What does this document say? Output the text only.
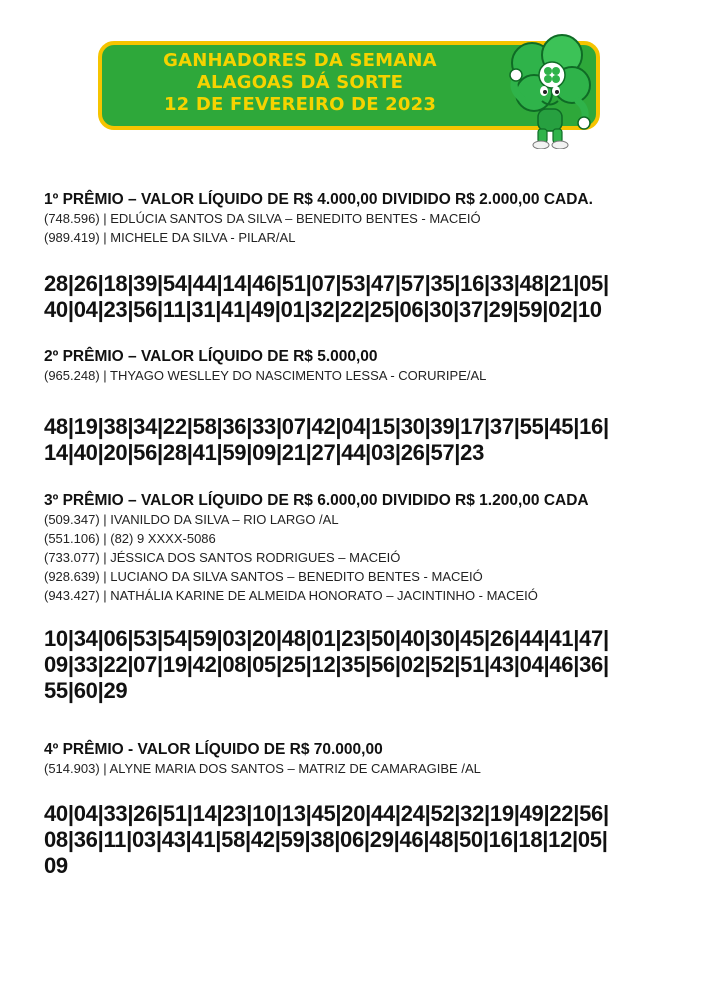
GANHADORES DA SEMANA
ALAGOAS DÁ SORTE
12 DE FEVEREIRO DE 2023
1º PRÊMIO – VALOR LÍQUIDO DE R$ 4.000,00 DIVIDIDO R$ 2.000,00 CADA.
(748.596) | EDLÚCIA SANTOS DA SILVA – BENEDITO BENTES - MACEIÓ
(989.419) | MICHELE DA SILVA - PILAR/AL
28|26|18|39|54|44|14|46|51|07|53|47|57|35|16|33|48|21|05|
40|04|23|56|11|31|41|49|01|32|22|25|06|30|37|29|59|02|10
2º PRÊMIO – VALOR LÍQUIDO DE R$ 5.000,00
(965.248) | THYAGO WESLLEY DO NASCIMENTO LESSA - CORURIPE/AL
48|19|38|34|22|58|36|33|07|42|04|15|30|39|17|37|55|45|16|
14|40|20|56|28|41|59|09|21|27|44|03|26|57|23
3º PRÊMIO – VALOR LÍQUIDO DE R$ 6.000,00 DIVIDIDO R$ 1.200,00 CADA
(509.347) | IVANILDO DA SILVA – RIO LARGO /AL
(551.106) | (82) 9 XXXX-5086
(733.077) | JÉSSICA DOS SANTOS RODRIGUES – MACEIÓ
(928.639) | LUCIANO DA SILVA SANTOS – BENEDITO BENTES - MACEIÓ
(943.427) | NATHÁLIA KARINE DE ALMEIDA HONORATO – JACINTINHO - MACEIÓ
10|34|06|53|54|59|03|20|48|01|23|50|40|30|45|26|44|41|47|
09|33|22|07|19|42|08|05|25|12|35|56|02|52|51|43|04|46|36|
55|60|29
4º PRÊMIO - VALOR LÍQUIDO DE R$ 70.000,00
(514.903) | ALYNE MARIA DOS SANTOS – MATRIZ DE CAMARAGIBE /AL
40|04|33|26|51|14|23|10|13|45|20|44|24|52|32|19|49|22|56|
08|36|11|03|43|41|58|42|59|38|06|29|46|48|50|16|18|12|05|
09
